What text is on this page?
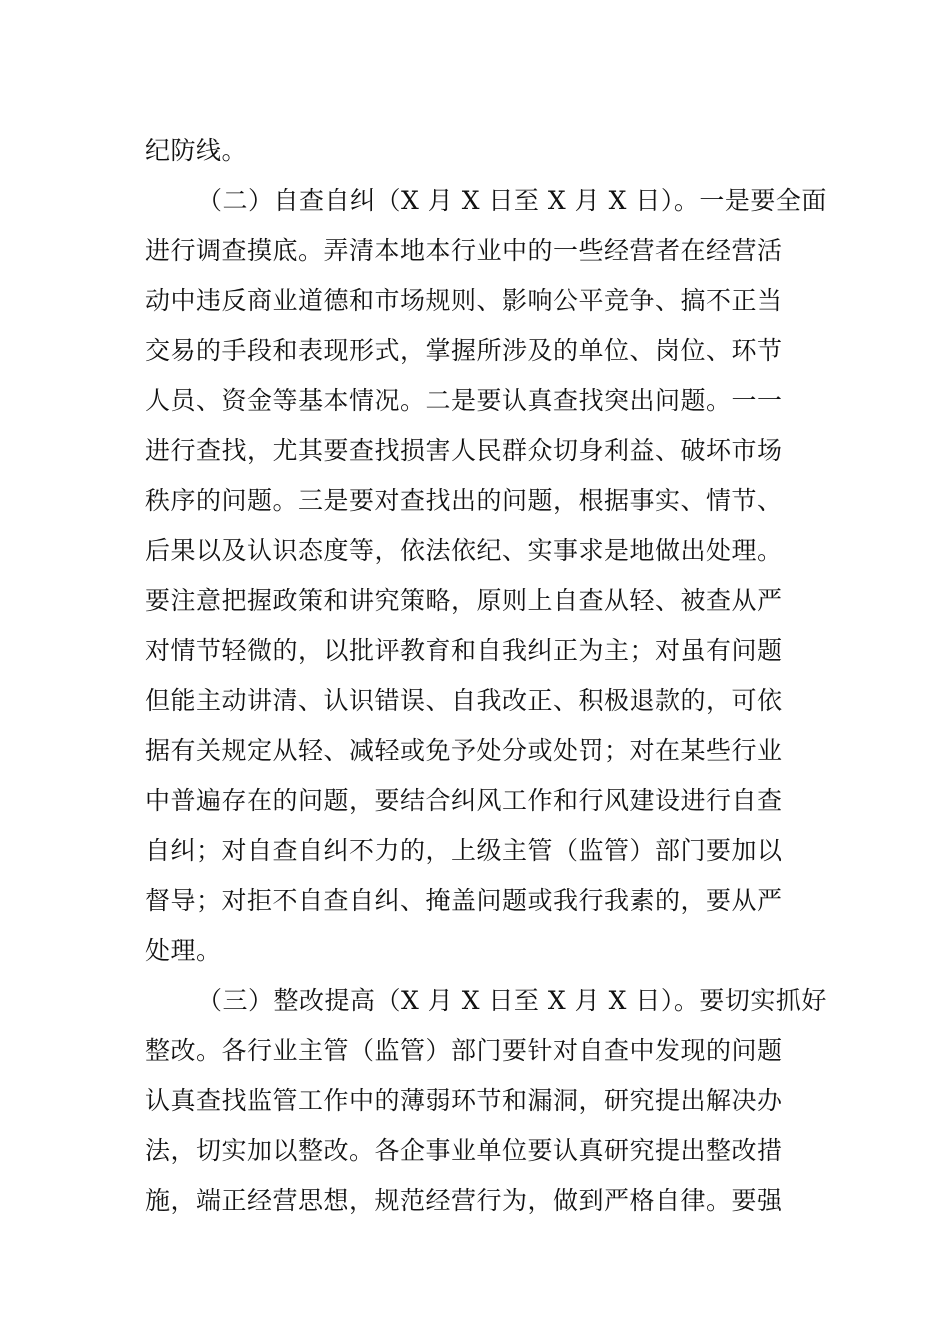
纪防线。
（二）自查自纠（X 月 X 日至 X 月 X 日）。一是要全面
进行调查摸底。弄清本地本行业中的一些经营者在经营活
动中违反商业道德和市场规则、影响公平竞争、搞不正当
交易的手段和表现形式，掌握所涉及的单位、岗位、环节
人员、资金等基本情况。二是要认真查找突出问题。一一
进行查找，尤其要查找损害人民群众切身利益、破坏市场
秩序的问题。三是要对查找出的问题，根据事实、情节、
后果以及认识态度等，依法依纪、实事求是地做出处理。
要注意把握政策和讲究策略，原则上自查从轻、被查从严
对情节轻微的，以批评教育和自我纠正为主；对虽有问题
但能主动讲清、认识错误、自我改正、积极退款的，可依
据有关规定从轻、减轻或免予处分或处罚；对在某些行业
中普遍存在的问题，要结合纠风工作和行风建设进行自查
自纠；对自查自纠不力的，上级主管（监管）部门要加以
督导；对拒不自查自纠、掩盖问题或我行我素的，要从严
处理。
（三）整改提高（X 月 X 日至 X 月 X 日）。要切实抓好
整改。各行业主管（监管）部门要针对自查中发现的问题
认真查找监管工作中的薄弱环节和漏洞，研究提出解决办
法，切实加以整改。各企事业单位要认真研究提出整改措
施，端正经营思想，规范经营行为，做到严格自律。要强
